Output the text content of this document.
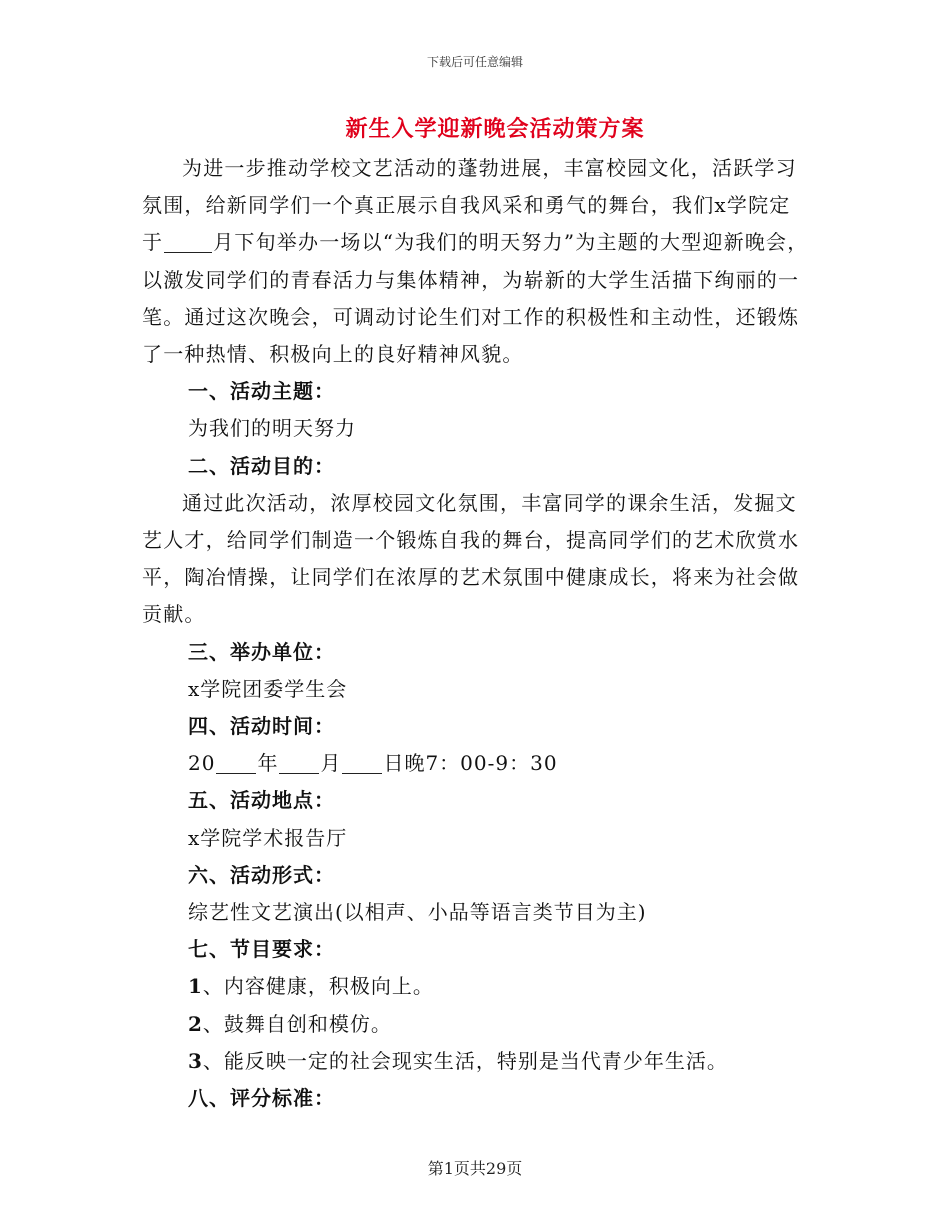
下载后可任意编辑
新生入学迎新晚会活动策方案

为进一步推动学校文艺活动的蓬勃进展，丰富校园文化，活跃学习氛围，给新同学们一个真正展示自我风采和勇气的舞台，我们x学院定于	月下旬举办一场以“为我们的明天努力”为主题的大型迎新晚会，以激发同学们的青春活力与集体精神，为崭新的大学生活描下绚丽的一笔。通过这次晚会，可调动讨论生们对工作的积极性和主动性，还锻炼了一种热情、积极向上的良好精神风貌。

一、活动主题：

为我们的明天努力

二、活动目的：

通过此次活动，浓厚校园文化氛围，丰富同学的课余生活，发掘文艺人才，给同学们制造一个锻炼自我的舞台，提高同学们的艺术欣赏水平，陶冶情操，让同学们在浓厚的艺术氛围中健康成长，将来为社会做贡献。

三、举办单位：

x学院团委学生会

四、活动时间：

20 年 月 日晚7：00-9：30

五、活动地点：

x学院学术报告厅

六、活动形式：

综艺性文艺演出(以相声、小品等语言类节目为主)

七、节目要求：

1、内容健康，积极向上。

2、鼓舞自创和模仿。

3、能反映一定的社会现实生活，特别是当代青少年生活。

八、评分标准：

第1页共29页
